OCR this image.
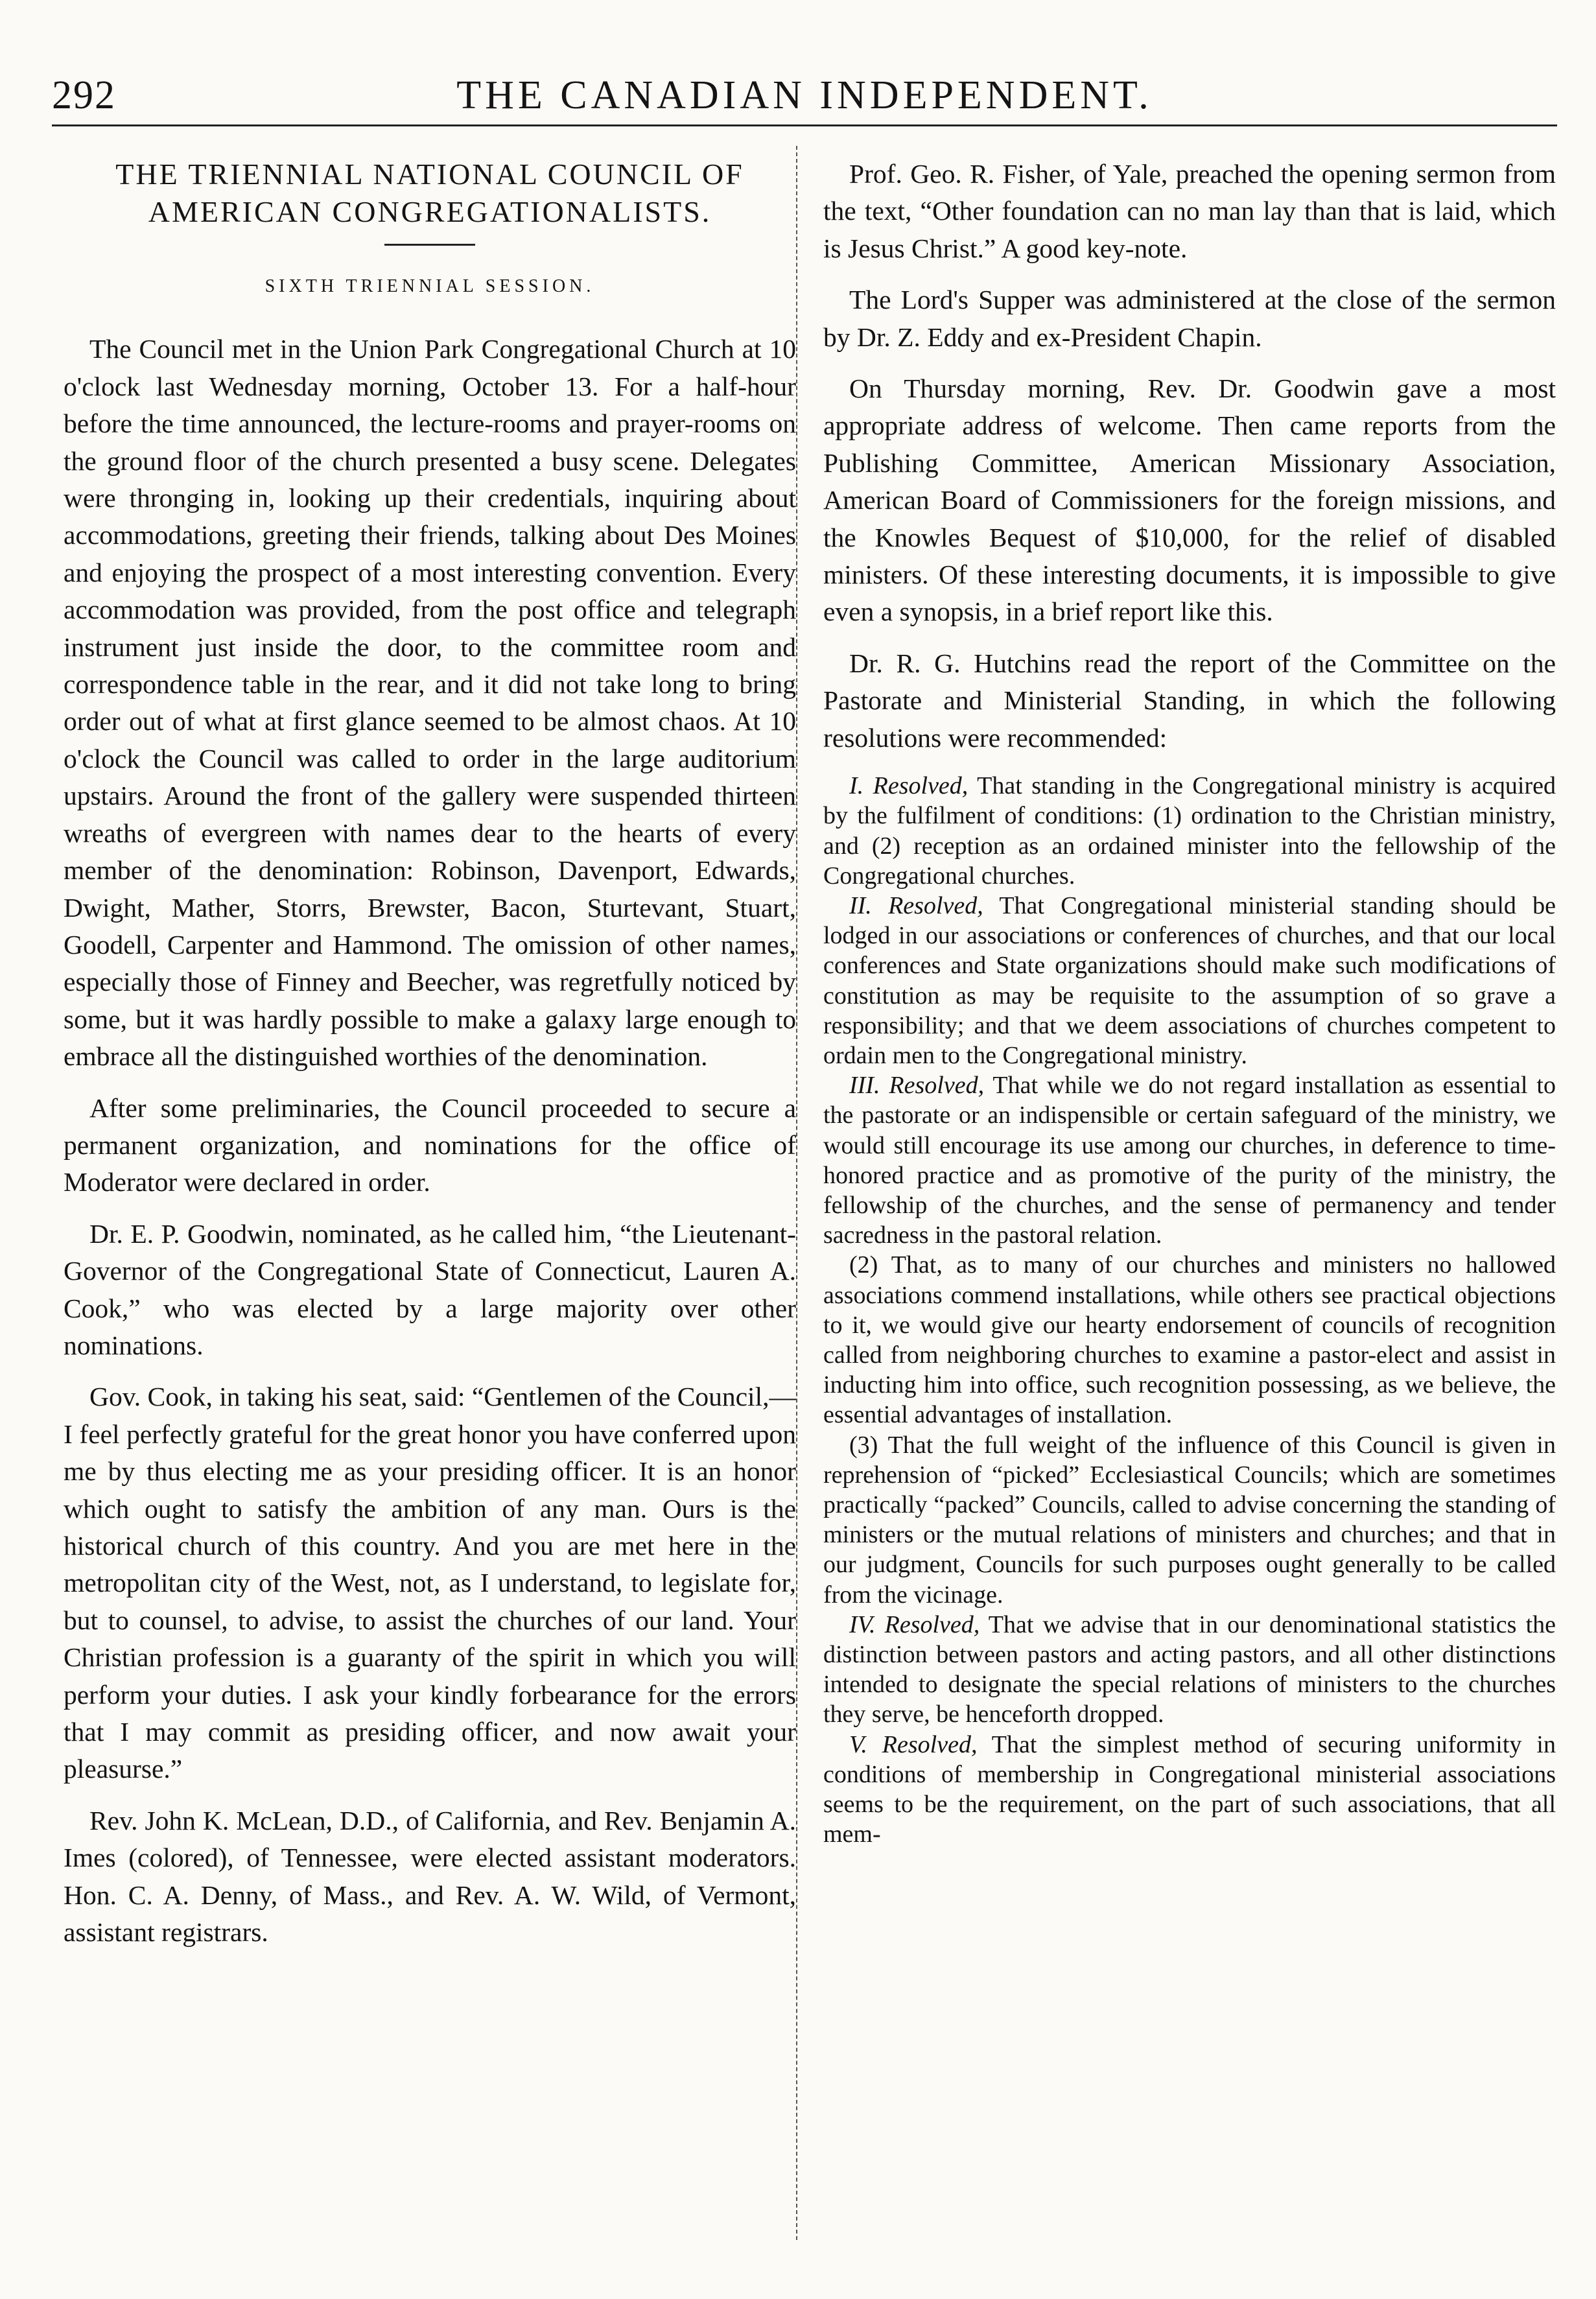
292	THE CANADIAN INDEPENDENT.
THE TRIENNIAL NATIONAL COUNCIL OF
AMERICAN CONGREGATIONALISTS.
SIXTH TRIENNIAL SESSION.

The Council met in the Union Park Congregational Church at 10 o'clock last Wednesday morning, October 13. For a half-hour before the time announced, the lecture-rooms and prayer-rooms on the ground floor of the church presented a busy scene. Delegates were thronging in, looking up their credentials, inquiring about accommodations, greeting their friends, talking about Des Moines and enjoying the prospect of a most interesting convention. Every accommodation was provided, from the post office and telegraph instrument just inside the door, to the committee room and correspondence table in the rear, and it did not take long to bring order out of what at first glance seemed to be almost chaos. At 10 o'clock the Council was called to order in the large auditorium upstairs. Around the front of the gallery were suspended thirteen wreaths of evergreen with names dear to the hearts of every member of the denomination: Robinson, Davenport, Edwards, Dwight, Mather, Storrs, Brewster, Bacon, Sturtevant, Stuart, Goodell, Carpenter and Hammond. The omission of other names, especially those of Finney and Beecher, was regretfully noticed by some, but it was hardly possible to make a galaxy large enough to embrace all the distinguished worthies of the denomination.

After some preliminaries, the Council proceeded to secure a permanent organization, and nominations for the office of Moderator were declared in order.

Dr. E. P. Goodwin, nominated, as he called him, “the Lieutenant-Governor of the Congregational State of Connecticut, Lauren A. Cook,” who was elected by a large majority over other nominations.

Gov. Cook, in taking his seat, said: “Gentlemen of the Council,—I feel perfectly grateful for the great honor you have conferred upon me by thus electing me as your presiding officer. It is an honor which ought to satisfy the ambition of any man. Ours is the historical church of this country. And you are met here in the metropolitan city of the West, not, as I understand, to legislate for, but to counsel, to advise, to assist the churches of our land. Your Christian profession is a guaranty of the spirit in which you will perform your duties. I ask your kindly forbearance for the errors that I may commit as presiding officer, and now await your pleasurse.”

Rev. John K. McLean, D.D., of California, and Rev. Benjamin A. Imes (colored), of Tennessee, were elected assistant moderators. Hon. C. A. Denny, of Mass., and Rev. A. W. Wild, of Vermont, assistant registrars.

Prof. Geo. R. Fisher, of Yale, preached the opening sermon from the text, “Other foundation can no man lay than that is laid, which is Jesus Christ.” A good key-note.

The Lord's Supper was administered at the close of the sermon by Dr. Z. Eddy and ex-President Chapin.

On Thursday morning, Rev. Dr. Goodwin gave a most appropriate address of welcome. Then came reports from the Publishing Committee, American Missionary Association, American Board of Commissioners for the foreign missions, and the Knowles Bequest of $10,000, for the relief of disabled ministers. Of these interesting documents, it is impossible to give even a synopsis, in a brief report like this.

Dr. R. G. Hutchins read the report of the Committee on the Pastorate and Ministerial Standing, in which the following resolutions were recommended:

I. Resolved, That standing in the Congregational ministry is acquired by the fulfilment of conditions: (1) ordination to the Christian ministry, and (2) reception as an ordained minister into the fellowship of the Congregational churches.

II. Resolved, That Congregational ministerial standing should be lodged in our associations or conferences of churches, and that our local conferences and State organizations should make such modifications of constitution as may be requisite to the assumption of so grave a responsibility; and that we deem associations of churches competent to ordain men to the Congregational ministry.

III. Resolved, That while we do not regard installation as essential to the pastorate or an indispensible or certain safeguard of the ministry, we would still encourage its use among our churches, in deference to time-honored practice and as promotive of the purity of the ministry, the fellowship of the churches, and the sense of permanency and tender sacredness in the pastoral relation.

(2) That, as to many of our churches and ministers no hallowed associations commend installations, while others see practical objections to it, we would give our hearty endorsement of councils of recognition called from neighboring churches to examine a pastor-elect and assist in inducting him into office, such recognition possessing, as we believe, the essential advantages of installation.

(3) That the full weight of the influence of this Council is given in reprehension of “picked” Ecclesiastical Councils; which are sometimes practically “packed” Councils, called to advise concerning the standing of ministers or the mutual relations of ministers and churches; and that in our judgment, Councils for such purposes ought generally to be called from the vicinage.

IV. Resolved, That we advise that in our denominational statistics the distinction between pastors and acting pastors, and all other distinctions intended to designate the special relations of ministers to the churches they serve, be henceforth dropped.

V. Resolved, That the simplest method of securing uniformity in conditions of membership in Congregational ministerial associations seems to be the requirement, on the part of such associations, that all mem-
